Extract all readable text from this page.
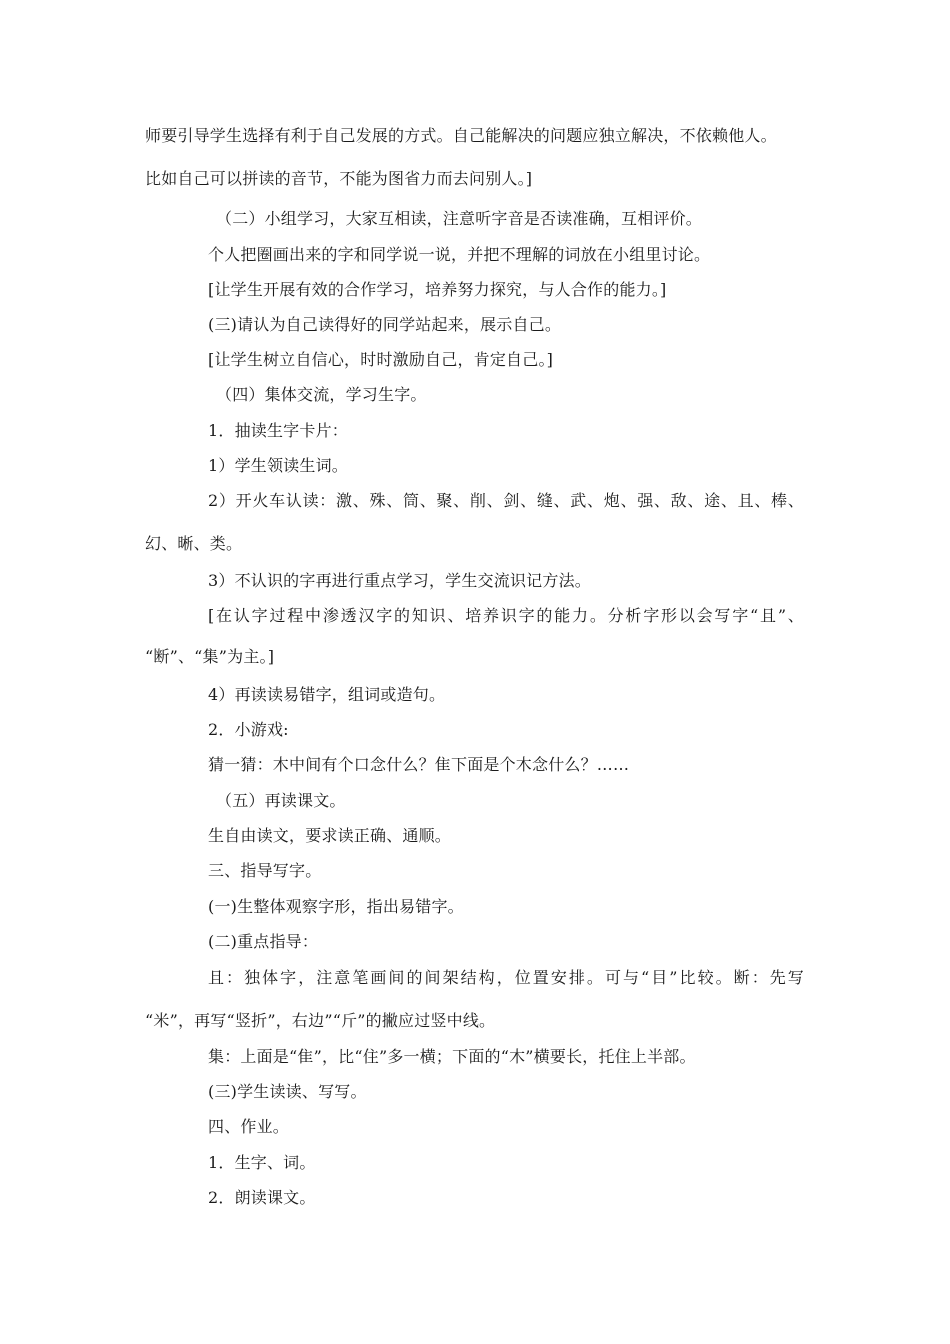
师要引导学生选择有利于自己发展的方式。自己能解决的问题应独立解决，不依赖他人。
比如自己可以拼读的音节，不能为图省力而去问别人。]
（二）小组学习，大家互相读，注意听字音是否读准确，互相评价。
个人把圈画出来的字和同学说一说，并把不理解的词放在小组里讨论。
[让学生开展有效的合作学习，培养努力探究，与人合作的能力。]
(三)请认为自己读得好的同学站起来，展示自己。
[让学生树立自信心，时时激励自己，肯定自己。]
（四）集体交流，学习生字。
1．抽读生字卡片：
1）学生领读生词。
2）开火车认读：激、殊、筒、聚、削、剑、缝、武、炮、强、敌、途、且、棒、
幻、晰、类。
3）不认识的字再进行重点学习，学生交流识记方法。
[在认字过程中渗透汉字的知识、培养识字的能力。分析字形以会写字“且”、
“断”、“集”为主。]
4）再读读易错字，组词或造句。
2．小游戏:
猜一猜：木中间有个口念什么？隹下面是个木念什么？……
（五）再读课文。
生自由读文，要求读正确、通顺。
三、指导写字。
(一)生整体观察字形，指出易错字。
(二)重点指导：
且：独体字，注意笔画间的间架结构，位置安排。可与“目”比较。断：先写
“米”，再写“竖折”，右边”“斤”的撇应过竖中线。
集：上面是“隹”，比“住”多一横；下面的“木”横要长，托住上半部。
(三)学生读读、写写。
四、作业。
1．生字、词。
2．朗读课文。
